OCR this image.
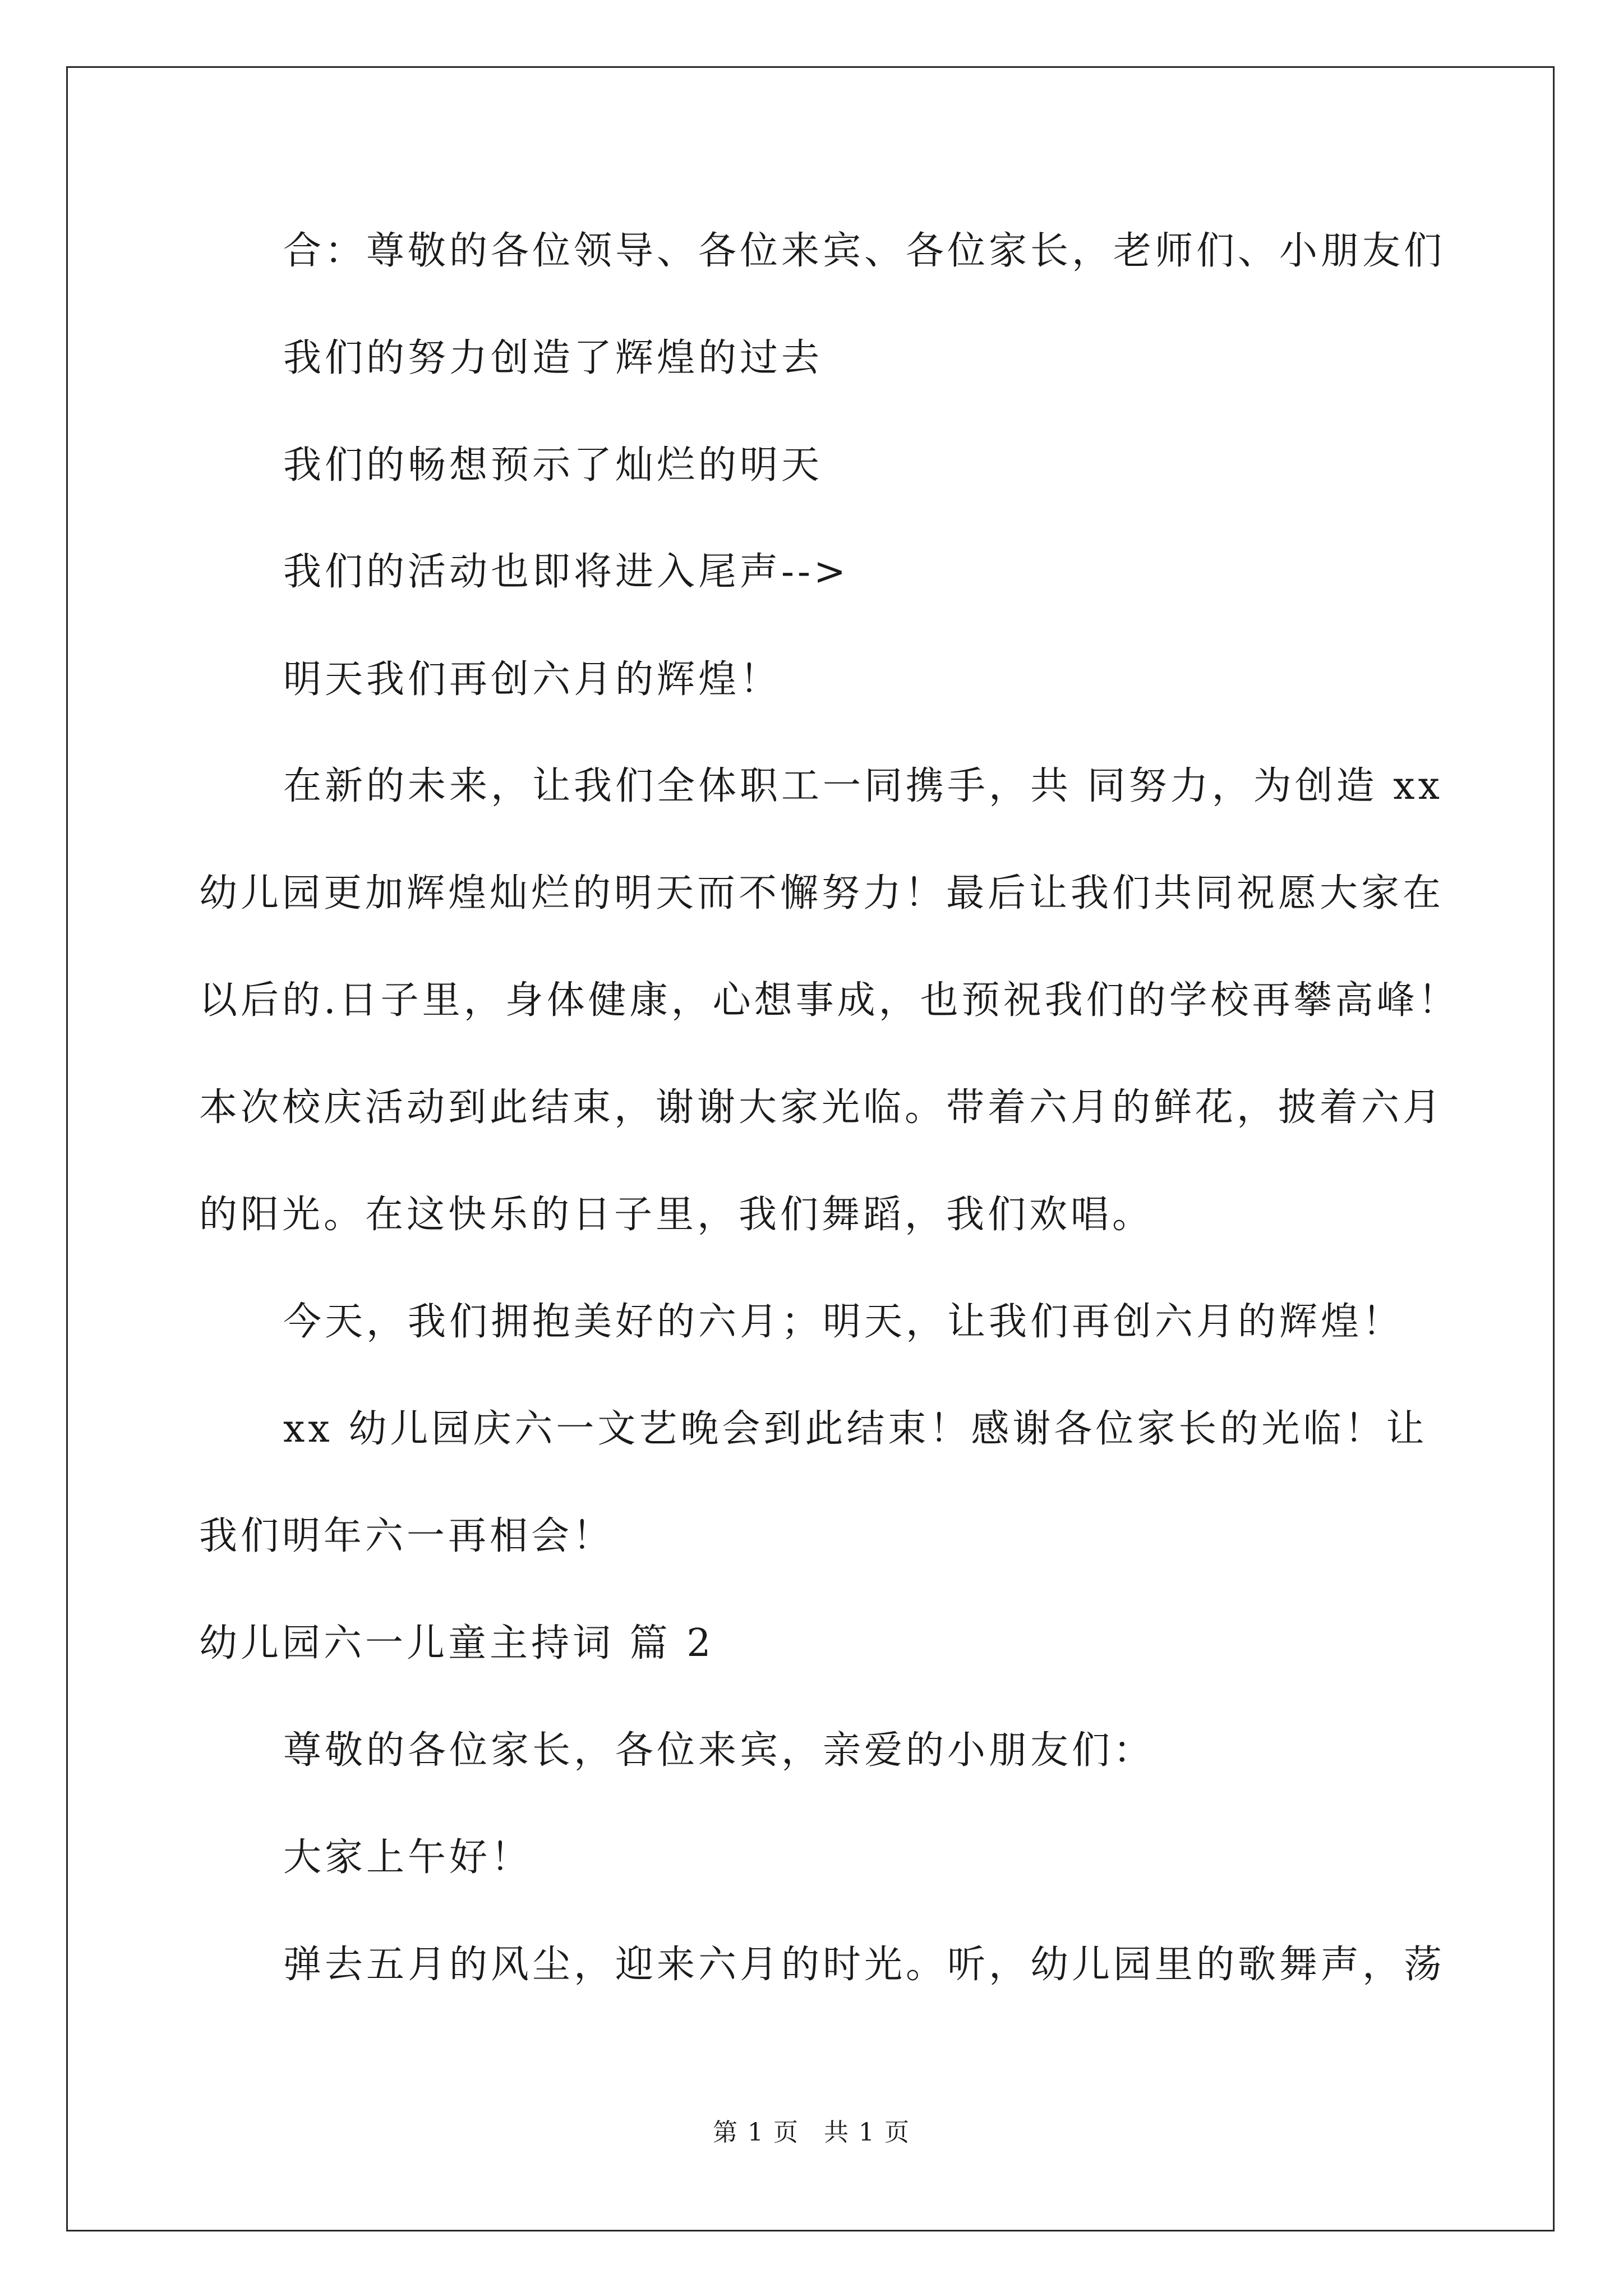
合：尊敬的各位领导、各位来宾、各位家长，老师们、小朋友们
我们的努力创造了辉煌的过去
我们的畅想预示了灿烂的明天
我们的活动也即将进入尾声-->
明天我们再创六月的辉煌！
在新的未来，让我们全体职工一同携手，共 同努力，为创造 xx
幼儿园更加辉煌灿烂的明天而不懈努力！最后让我们共同祝愿大家在
以后的.日子里，身体健康，心想事成，也预祝我们的学校再攀高峰！
本次校庆活动到此结束，谢谢大家光临。带着六月的鲜花，披着六月
的阳光。在这快乐的日子里，我们舞蹈，我们欢唱。
今天，我们拥抱美好的六月；明天，让我们再创六月的辉煌！
xx 幼儿园庆六一文艺晚会到此结束！感谢各位家长的光临！让
我们明年六一再相会！
幼儿园六一儿童主持词 篇 2
尊敬的各位家长，各位来宾，亲爱的小朋友们：
大家上午好！
弹去五月的风尘，迎来六月的时光。听，幼儿园里的歌舞声，荡
第 1 页 共 1 页
